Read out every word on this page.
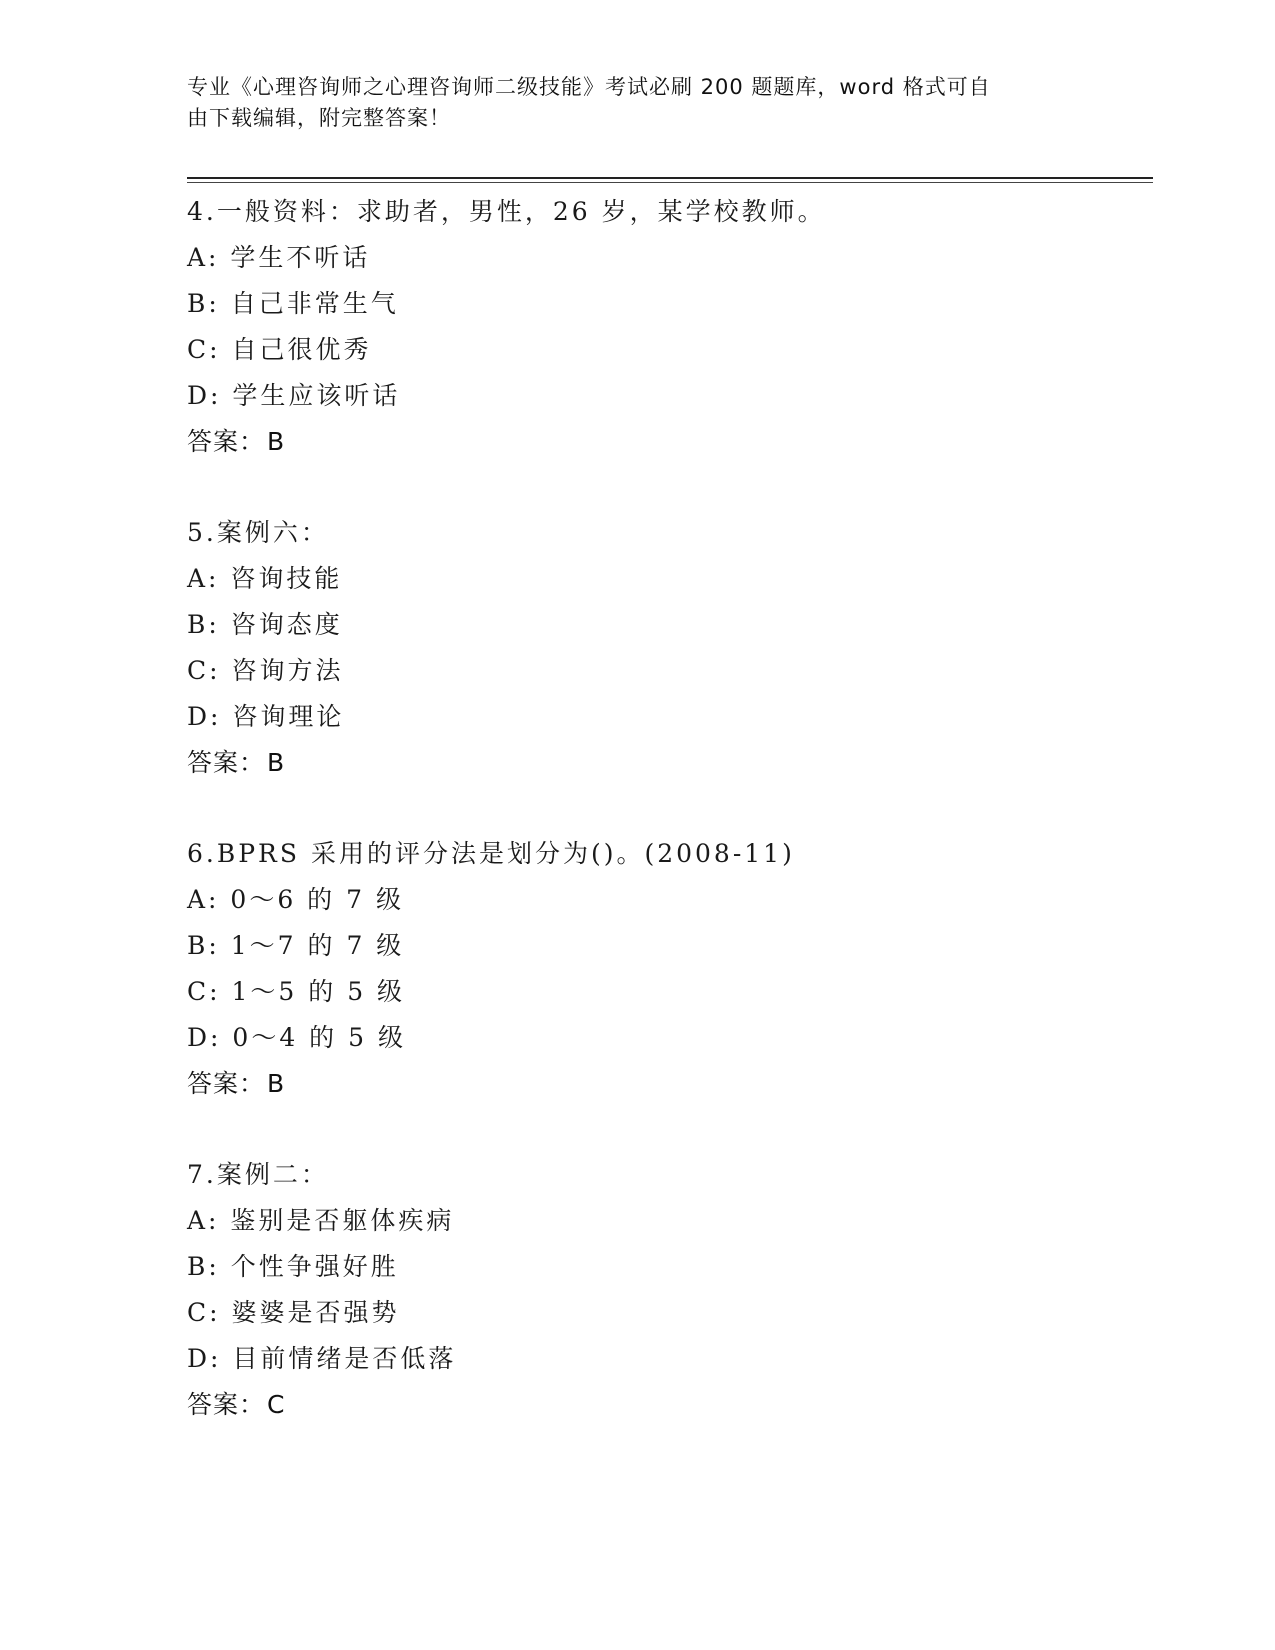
专业《心理咨询师之心理咨询师二级技能》考试必刷 200 题题库，word 格式可自
由下载编辑，附完整答案！
4.一般资料：求助者，男性，26 岁，某学校教师。
A: 学生不听话
B: 自己非常生气
C: 自己很优秀
D: 学生应该听话
答案：B
5.案例六：
A: 咨询技能
B: 咨询态度
C: 咨询方法
D: 咨询理论
答案：B
6.BPRS 采用的评分法是划分为()。(2008-11)
A: 0～6 的 7 级
B: 1～7 的 7 级
C: 1～5 的 5 级
D: 0～4 的 5 级
答案：B
7.案例二：
A: 鉴别是否躯体疾病
B: 个性争强好胜
C: 婆婆是否强势
D: 目前情绪是否低落
答案：C
